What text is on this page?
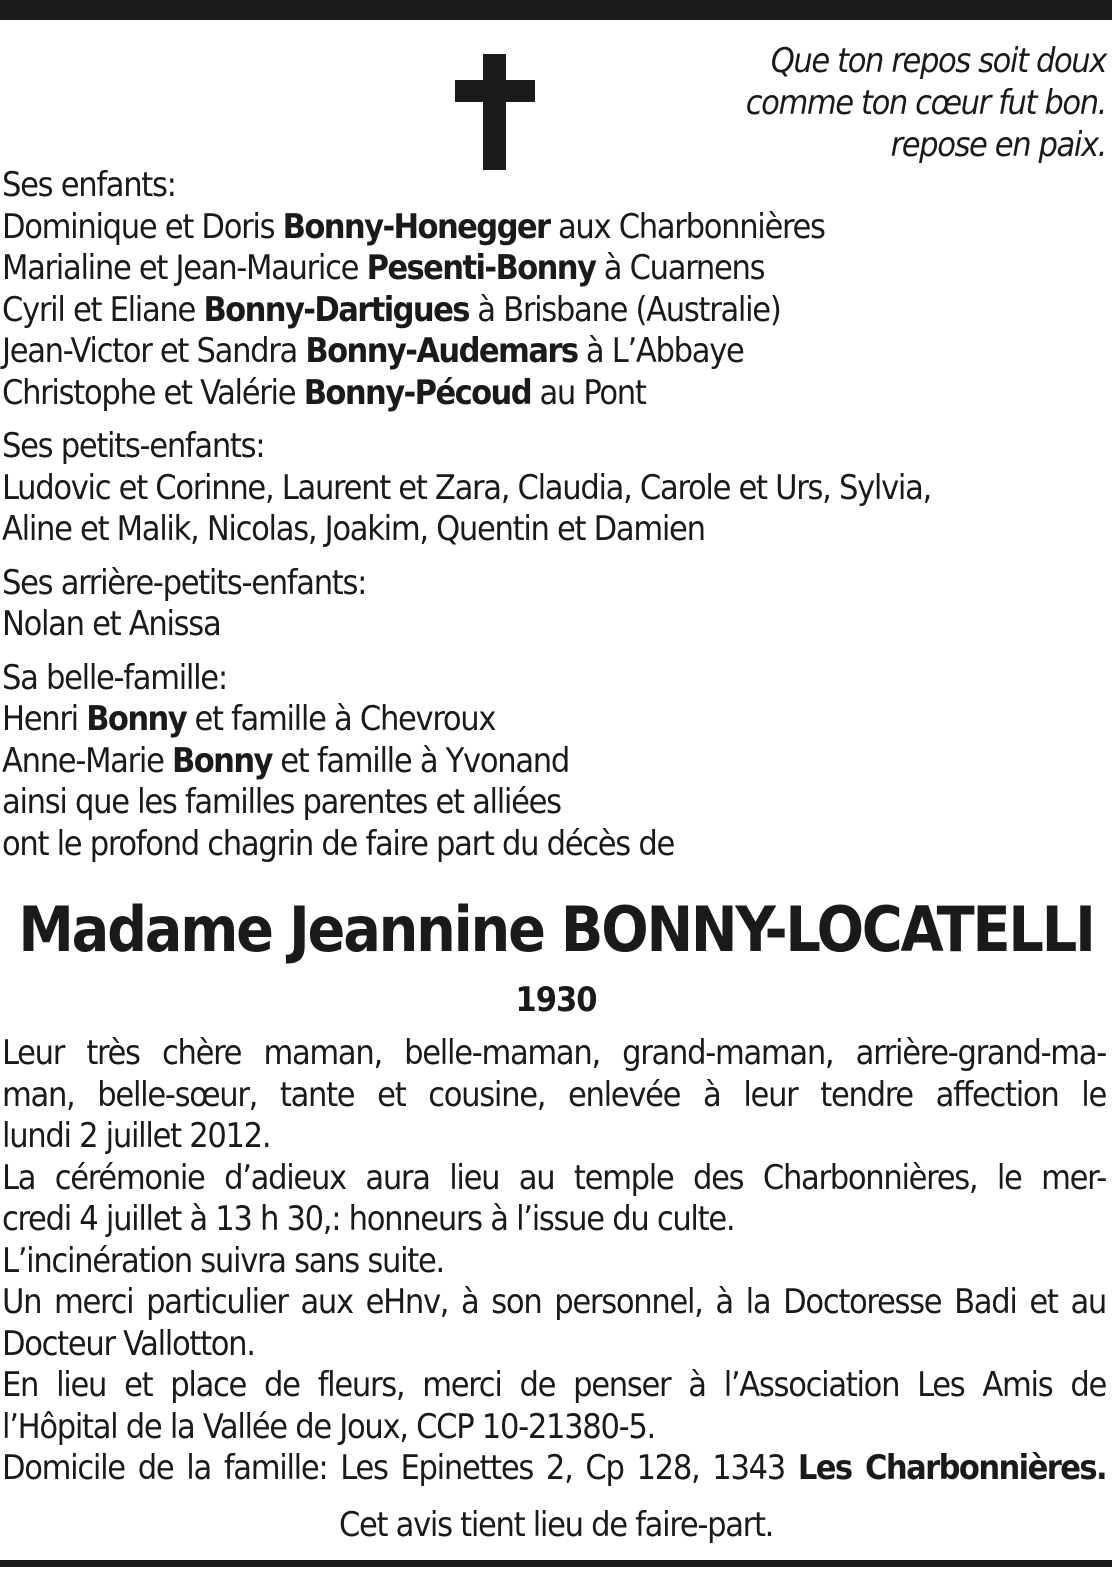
Que ton repos soit doux
comme ton cœur fut bon.
repose en paix.
Ses enfants:
Dominique et Doris Bonny-Honegger aux Charbonnières
Marialine et Jean-Maurice Pesenti-Bonny à Cuarnens
Cyril et Eliane Bonny-Dartigues à Brisbane (Australie)
Jean-Victor et Sandra Bonny-Audemars à L’Abbaye
Christophe et Valérie Bonny-Pécoud au Pont
Ses petits-enfants:
Ludovic et Corinne, Laurent et Zara, Claudia, Carole et Urs, Sylvia,
Aline et Malik, Nicolas, Joakim, Quentin et Damien
Ses arrière-petits-enfants:
Nolan et Anissa
Sa belle-famille:
Henri Bonny et famille à Chevroux
Anne-Marie Bonny et famille à Yvonand
ainsi que les familles parentes et alliées
ont le profond chagrin de faire part du décès de
Madame Jeannine BONNY-LOCATELLI
1930
Leur très chère maman, belle-maman, grand-maman, arrière-grand-ma-
man, belle-sœur, tante et cousine, enlevée à leur tendre affection le
lundi 2 juillet 2012.
La cérémonie d’adieux aura lieu au temple des Charbonnières, le mer-
credi 4 juillet à 13 h 30,: honneurs à l’issue du culte.
L’incinération suivra sans suite.
Un merci particulier aux eHnv, à son personnel, à la Doctoresse Badi et au
Docteur Vallotton.
En lieu et place de fleurs, merci de penser à l’Association Les Amis de
l’Hôpital de la Vallée de Joux, CCP 10-21380-5.
Domicile de la famille: Les Epinettes 2, Cp 128, 1343 Les Charbonnières.
Cet avis tient lieu de faire-part.
